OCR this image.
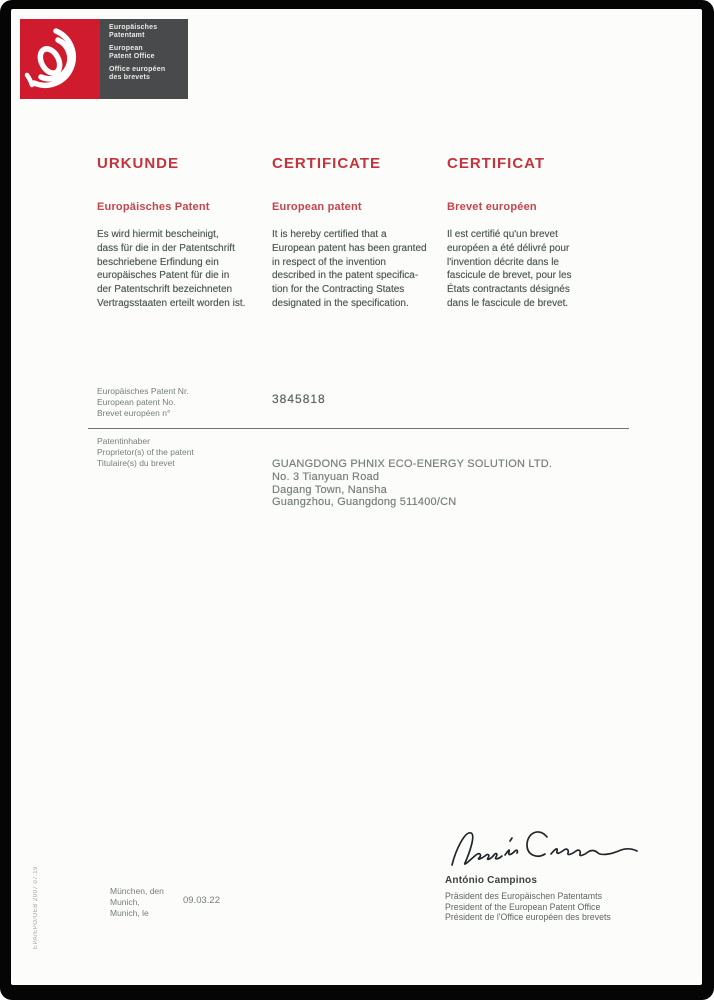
Europäisches
Patentamt
European
Patent Office
Office européen
des brevets
URKUNDE
Europäisches Patent
Es wird hiermit bescheinigt,
dass für die in der Patentschrift
beschriebene Erfindung ein
europäisches Patent für die in
der Patentschrift bezeichneten
Vertragsstaaten erteilt worden ist.
CERTIFICATE
European patent
It is hereby certified that a
European patent has been granted
in respect of the invention
described in the patent specifica-
tion for the Contracting States
designated in the specification.
CERTIFICAT
Brevet européen
Il est certifié qu'un brevet
européen a été délivré pour
l'invention décrite dans le
fascicule de brevet, pour les
États contractants désignés
dans le fascicule de brevet.
Europäisches Patent Nr.
European patent No.
Brevet européen n°
3845818
Patentinhaber
Proprietor(s) of the patent
Titulaire(s) du brevet	GUANGDONG PHNIX ECO-ENERGY SOLUTION LTD.
No. 3 Tianyuan Road
Dagang Town, Nansha
Guangzhou, Guangdong 511400/CN
EPA/EPO/OEB 2007 07.19	München, den
Munich,
Munich, le
09.03.22
António Campinos
Präsident des Europäischen Patentamts
President of the European Patent Office
Président de l'Office européen des brevets
